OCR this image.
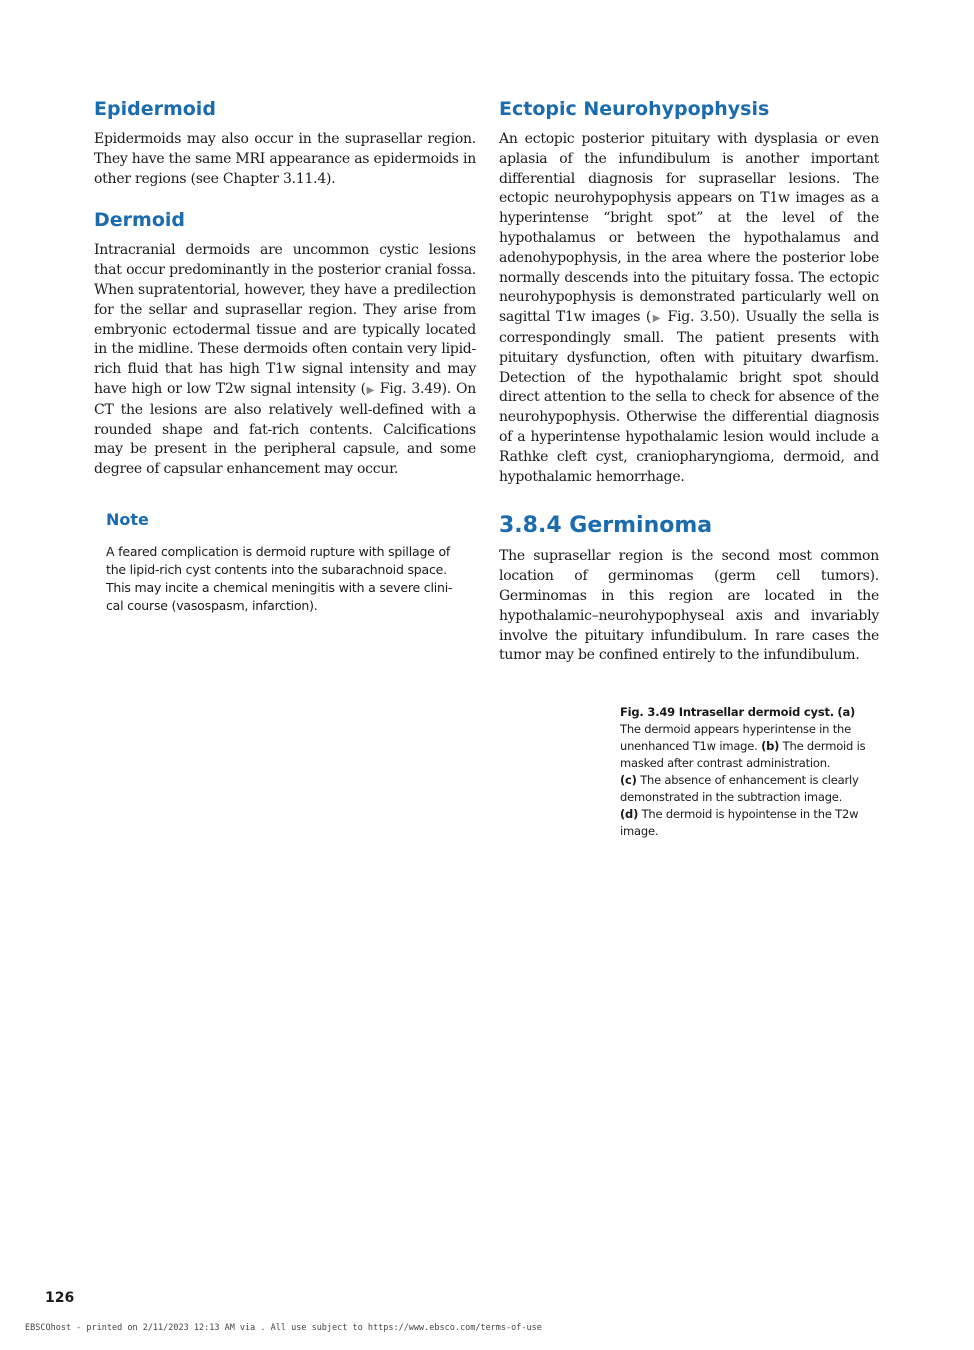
Epidermoid

Epidermoids may also occur in the suprasellar region. They have the same MRI appearance as epidermoids in other regions (see Chapter 3.11.4).

Dermoid

Intracranial dermoids are uncommon cystic lesions that occur predominantly in the posterior cranial fossa. When supratentorial, however, they have a predilection for the sellar and suprasellar region. They arise from embryonic ectodermal tissue and are typically located in the midline. These dermoids often contain very lipid-rich fluid that has high T1w signal intensity and may have high or low T2w signal intensity (▶ Fig. 3.49). On CT the lesions are also relatively well-defined with a rounded shape and fat-rich contents. Calcifications may be present in the peripheral capsule, and some degree of capsular enhancement may occur.

Note

A feared complication is dermoid rupture with spillage of the lipid-rich cyst contents into the subarachnoid space. This may incite a chemical meningitis with a severe clinical course (vasospasm, infarction).

Ectopic Neurohypophysis

An ectopic posterior pituitary with dysplasia or even aplasia of the infundibulum is another important differential diagnosis for suprasellar lesions. The ectopic neurohypophysis appears on T1w images as a hyperintense “bright spot” at the level of the hypothalamus or between the hypothalamus and adenohypophysis, in the area where the posterior lobe normally descends into the pituitary fossa. The ectopic neurohypophysis is demonstrated particularly well on sagittal T1w images (▶ Fig. 3.50). Usually the sella is correspondingly small. The patient presents with pituitary dysfunction, often with pituitary dwarfism. Detection of the hypothalamic bright spot should direct attention to the sella to check for absence of the neurohypophysis. Otherwise the differential diagnosis of a hyperintense hypothalamic lesion would include a Rathke cleft cyst, craniopharyngioma, dermoid, and hypothalamic hemorrhage.

3.8.4 Germinoma

The suprasellar region is the second most common location of germinomas (germ cell tumors). Germinomas in this region are located in the hypothalamic–neurohypophyseal axis and invariably involve the pituitary infundibulum. In rare cases the tumor may be confined entirely to the infundibulum.

Fig. 3.49 Intrasellar dermoid cyst. (a) The dermoid appears hyperintense in the unenhanced T1w image. (b) The dermoid is masked after contrast administration.
(c) The absence of enhancement is clearly demonstrated in the subtraction image.
(d) The dermoid is hypointense in the T2w image.
126
EBSCOhost - printed on 2/11/2023 12:13 AM via . All use subject to https://www.ebsco.com/terms-of-use
